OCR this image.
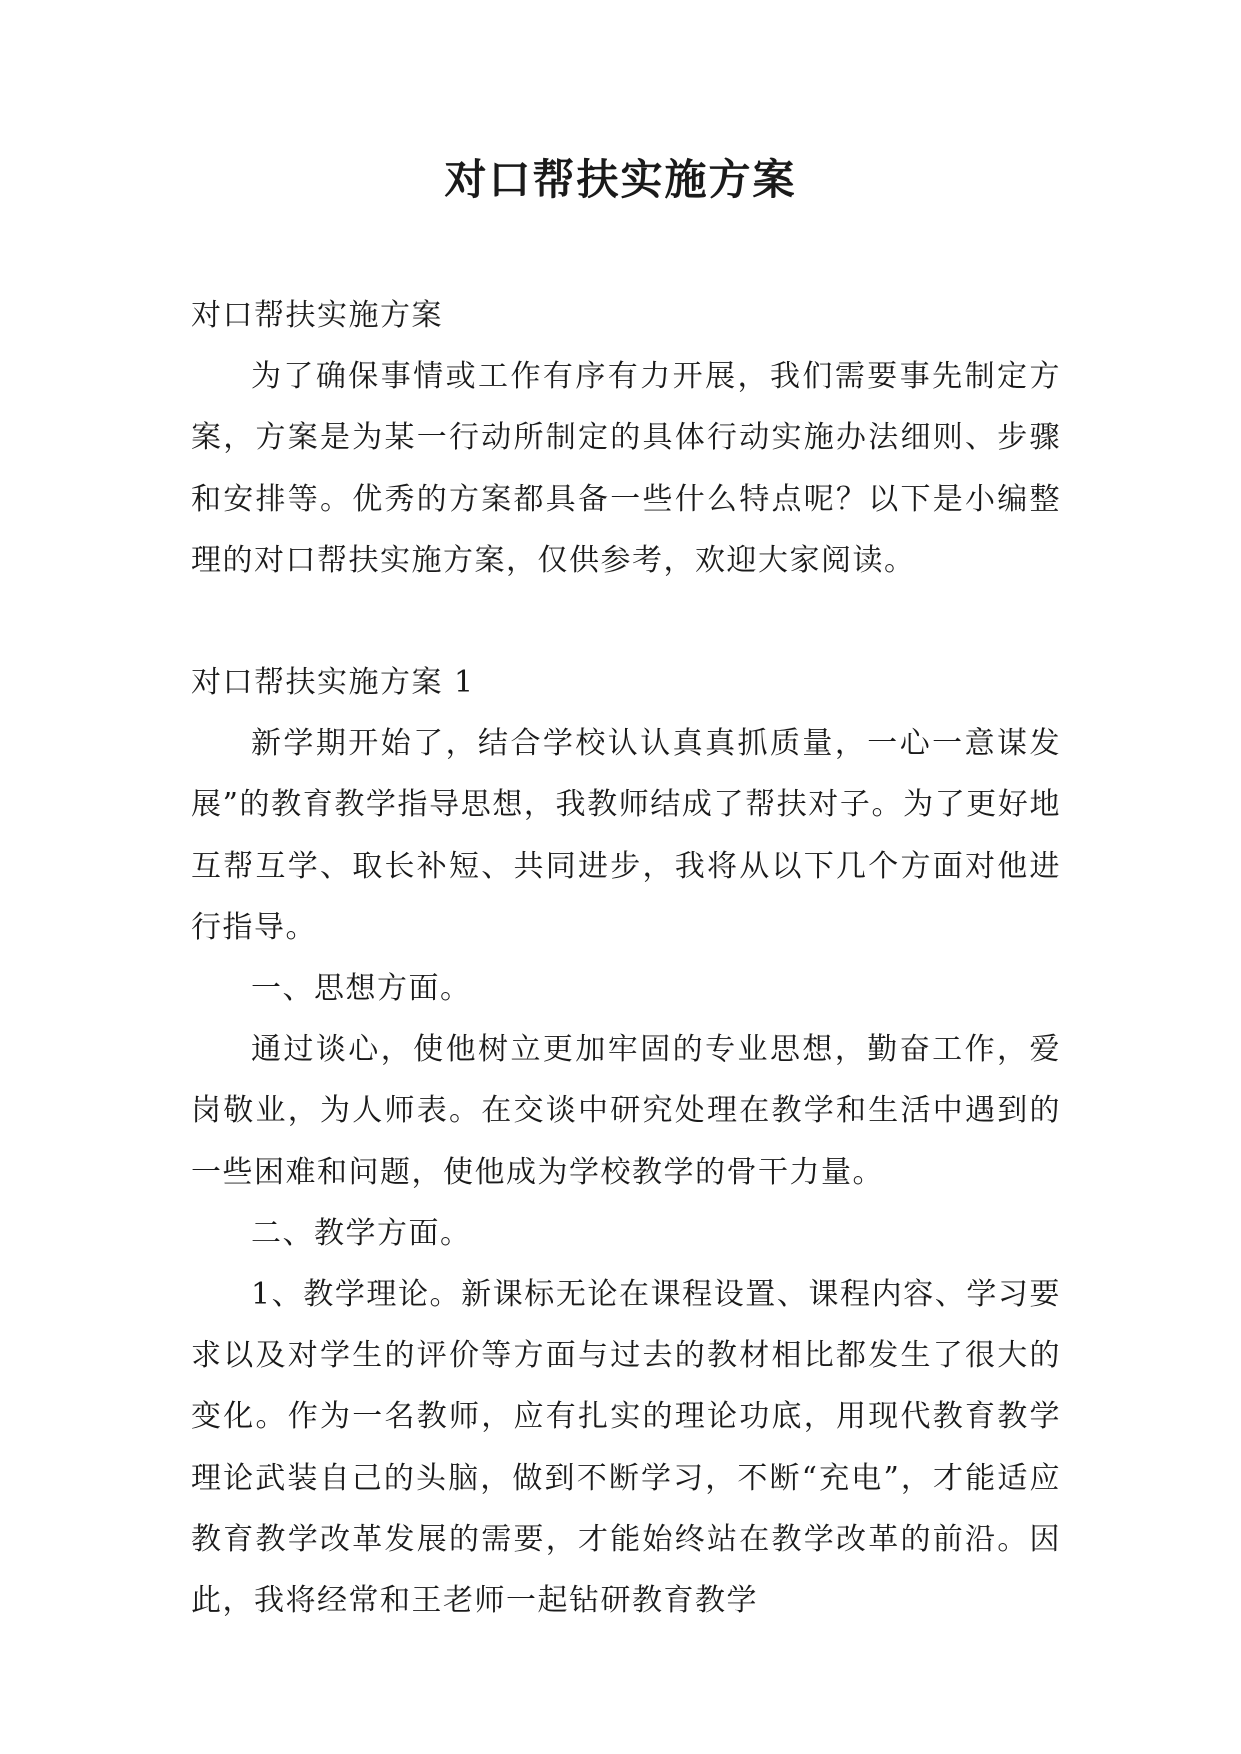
对口帮扶实施方案

对口帮扶实施方案

为了确保事情或工作有序有力开展，我们需要事先制定方案，方案是为某一行动所制定的具体行动实施办法细则、步骤和安排等。优秀的方案都具备一些什么特点呢？以下是小编整理的对口帮扶实施方案，仅供参考，欢迎大家阅读。

对口帮扶实施方案 1

新学期开始了，结合学校认认真真抓质量，一心一意谋发展”的教育教学指导思想，我教师结成了帮扶对子。为了更好地互帮互学、取长补短、共同进步，我将从以下几个方面对他进行指导。

一、思想方面。

通过谈心，使他树立更加牢固的专业思想，勤奋工作，爱岗敬业，为人师表。在交谈中研究处理在教学和生活中遇到的一些困难和问题，使他成为学校教学的骨干力量。

二、教学方面。

1、教学理论。新课标无论在课程设置、课程内容、学习要求以及对学生的评价等方面与过去的教材相比都发生了很大的变化。作为一名教师，应有扎实的理论功底，用现代教育教学理论武装自己的头脑，做到不断学习，不断“充电”，才能适应教育教学改革发展的需要，才能始终站在教学改革的前沿。因此，我将经常和王老师一起钻研教育教学
